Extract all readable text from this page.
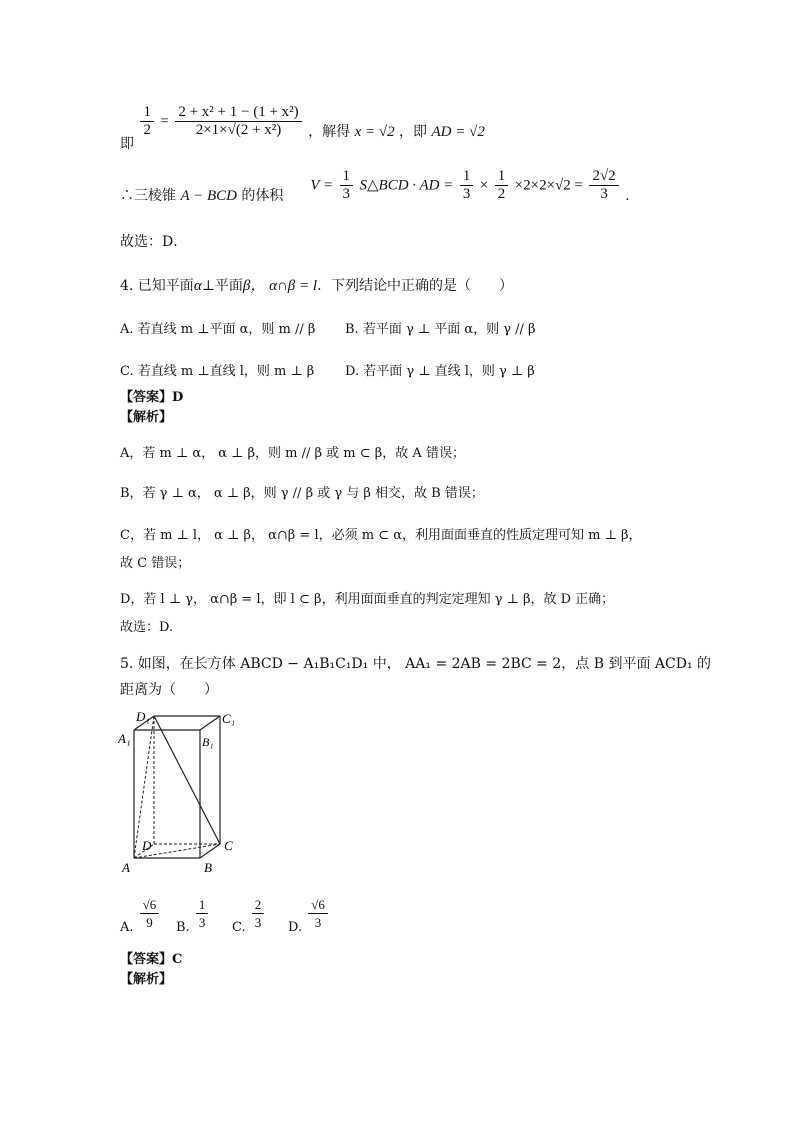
即
$\frac{1}{2} = \frac{\text{2 + x² + 1 − (1 + x²)}}{\text{2×1×√(2 + x²)}}$ ，解得 x = √2 ，即 AD = √2
∴三棱锥 A − BCD 的体积  $V = \frac{1}{3}$ S△BCD · AD = $\frac{1}{3} \times \frac{1}{2} \times 2\times 2\times√2 = \frac{2√2}{3}$ .
故选：D．
4. 已知平面α⊥平面β， α∩β = l．下列结论中正确的是（　　）
A. 若直线 m ⊥平面 α，则 m // β B. 若平面 γ ⊥ 平面 α，则 γ // β
C. 若直线 m ⊥直线 l，则 m ⊥ β D. 若平面 γ ⊥ 直线 l，则 γ ⊥ β
【答案】D
【解析】
A，若 m ⊥ α， α ⊥ β，则 m // β 或 m ⊂ β，故 A 错误；
B，若 γ ⊥ α， α ⊥ β，则 γ // β 或 γ 与 β 相交，故 B 错误；
C，若 m ⊥ l， α ⊥ β， α∩β = l，必须 m ⊂ α，利用面面垂直的性质定理可知 m ⊥ β，
故 C 错误；
D，若 l ⊥ γ， α∩β = l，即 l ⊂ β，利用面面垂直的判定定理知 γ ⊥ β，故 D 正确；
故选：D.
5. 如图，在长方体 ABCD − A₁B₁C₁D₁ 中， AA₁ = 2AB = 2BC = 2，点 B 到平面 ACD₁ 的
距离为（　　）
D₁	C₁
A₁	B₁
D	C
A	B
A. $\frac{√6}{9} B$. $\frac{1}{3} C$. $\frac{2}{3} D$. $\frac{√6}{3}$
【答案】C
【解析】
